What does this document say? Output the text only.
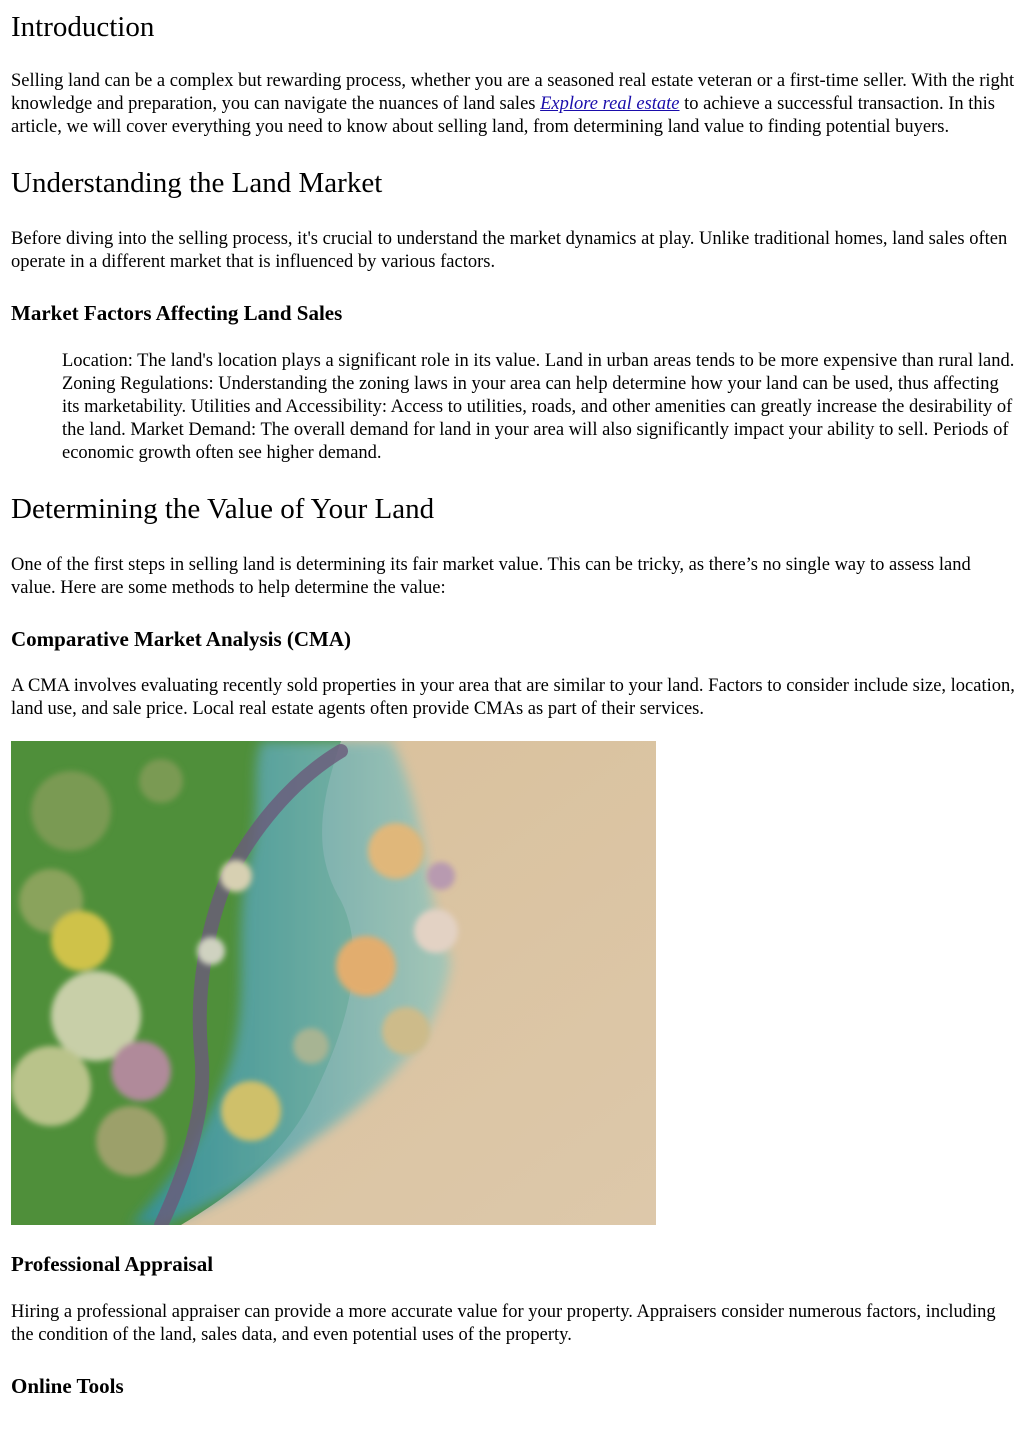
Introduction

Selling land can be a complex but rewarding process, whether you are a seasoned real estate veteran or a first-time seller. With the right knowledge and preparation, you can navigate the nuances of land sales Explore real estate to achieve a successful transaction. In this article, we will cover everything you need to know about selling land, from determining land value to finding potential buyers.

Understanding the Land Market

Before diving into the selling process, it's crucial to understand the market dynamics at play. Unlike traditional homes, land sales often operate in a different market that is influenced by various factors.

Market Factors Affecting Land Sales
Location: The land's location plays a significant role in its value. Land in urban areas tends to be more expensive than rural land. Zoning Regulations: Understanding the zoning laws in your area can help determine how your land can be used, thus affecting its marketability. Utilities and Accessibility: Access to utilities, roads, and other amenities can greatly increase the desirability of the land. Market Demand: The overall demand for land in your area will also significantly impact your ability to sell. Periods of economic growth often see higher demand.
Determining the Value of Your Land

One of the first steps in selling land is determining its fair market value. This can be tricky, as there’s no single way to assess land value. Here are some methods to help determine the value:

Comparative Market Analysis (CMA)

A CMA involves evaluating recently sold properties in your area that are similar to your land. Factors to consider include size, location, land use, and sale price. Local real estate agents often provide CMAs as part of their services.

Professional Appraisal

Hiring a professional appraiser can provide a more accurate value for your property. Appraisers consider numerous factors, including the condition of the land, sales data, and even potential uses of the property.

Online Tools
